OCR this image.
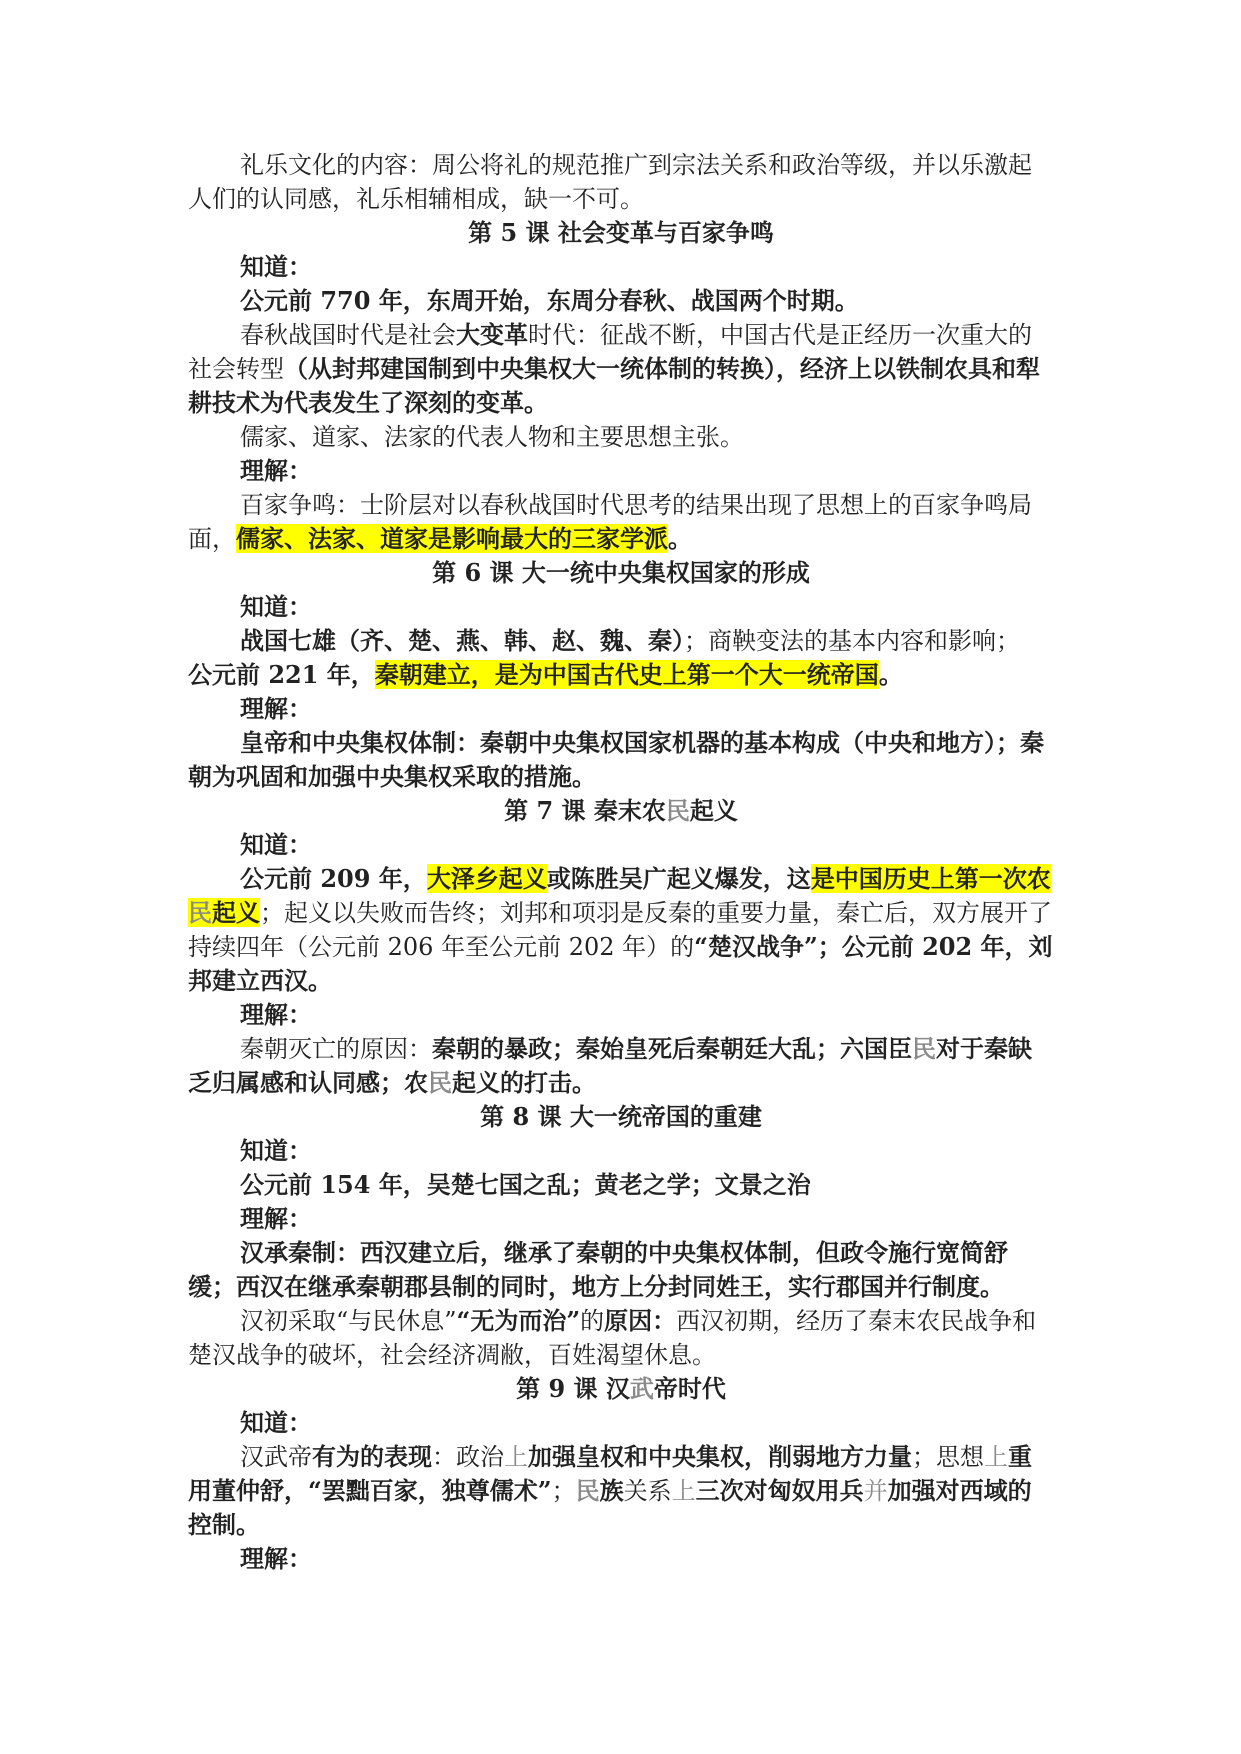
礼乐文化的内容：周公将礼的规范推广到宗法关系和政治等级，并以乐激起人们的认同感，礼乐相辅相成，缺一不可。

第 5 课 社会变革与百家争鸣

知道：

公元前 770 年，东周开始，东周分春秋、战国两个时期。

春秋战国时代是社会大变革时代：征战不断，中国古代是正经历一次重大的社会转型（从封邦建国制到中央集权大一统体制的转换），经济上以铁制农具和犁耕技术为代表发生了深刻的变革。

儒家、道家、法家的代表人物和主要思想主张。

理解：

百家争鸣：士阶层对以春秋战国时代思考的结果出现了思想上的百家争鸣局面，儒家、法家、道家是影响最大的三家学派。

第 6 课 大一统中央集权国家的形成

知道：

战国七雄（齐、楚、燕、韩、赵、魏、秦）；商鞅变法的基本内容和影响；

公元前 221 年，秦朝建立，是为中国古代史上第一个大一统帝国。

理解：

皇帝和中央集权体制：秦朝中央集权国家机器的基本构成（中央和地方）；秦朝为巩固和加强中央集权采取的措施。

第 7 课 秦末农民起义

知道：

公元前 209 年，大泽乡起义或陈胜吴广起义爆发，这是中国历史上第一次农民起义；起义以失败而告终；刘邦和项羽是反秦的重要力量，秦亡后，双方展开了持续四年（公元前 206 年至公元前 202 年）的“楚汉战争”；公元前 202 年，刘邦建立西汉。

理解：

秦朝灭亡的原因：秦朝的暴政；秦始皇死后秦朝廷大乱；六国臣民对于秦缺乏归属感和认同感；农民起义的打击。

第 8 课 大一统帝国的重建

知道：

公元前 154 年，吴楚七国之乱；黄老之学；文景之治

理解：

汉承秦制：西汉建立后，继承了秦朝的中央集权体制，但政令施行宽简舒缓；西汉在继承秦朝郡县制的同时，地方上分封同姓王，实行郡国并行制度。

汉初采取“与民休息”“无为而治”的原因：西汉初期，经历了秦末农民战争和楚汉战争的破坏，社会经济凋敝，百姓渴望休息。

第 9 课 汉武帝时代

知道：

汉武帝有为的表现：政治上加强皇权和中央集权，削弱地方力量；思想上重用董仲舒，“罢黜百家，独尊儒术”；民族关系上三次对匈奴用兵并加强对西域的控制。

理解：
